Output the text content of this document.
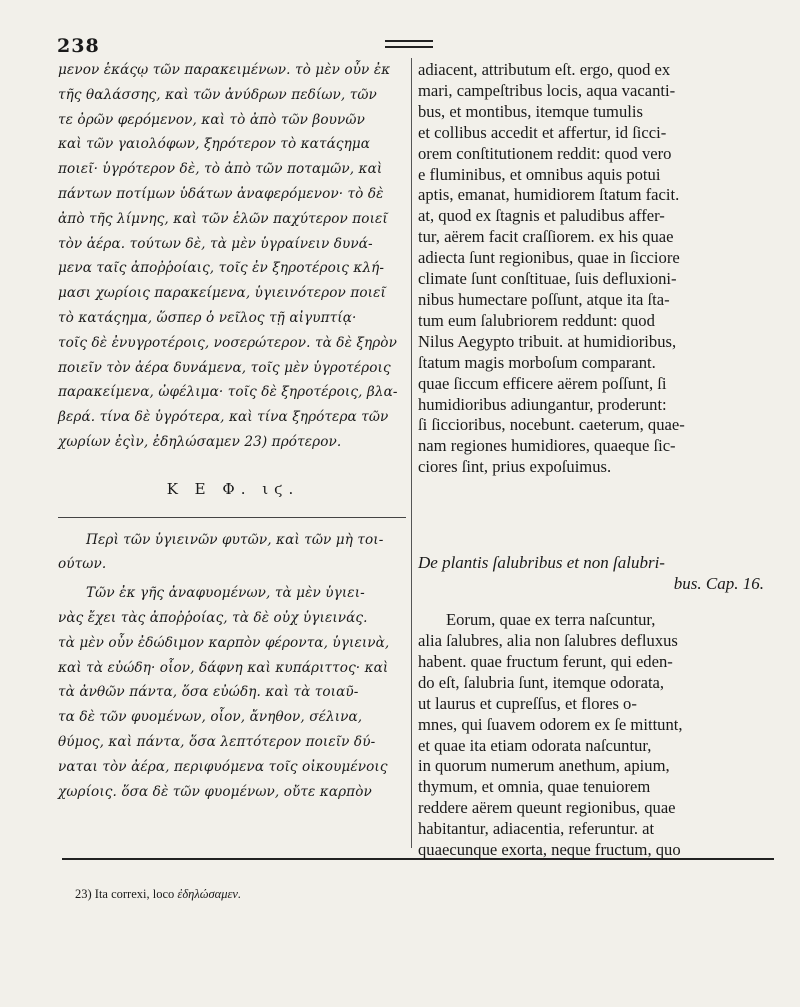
238
μενον ἑκάςῳ τῶν παρακειμένων. τὸ μὲν οὖν ἐκ
τῆς θαλάσσης, καὶ τῶν ἀνύδρων πεδίων, τῶν
τε ὀρῶν φερόμενον, καὶ τὸ ἀπὸ τῶν βουνῶν
καὶ τῶν γαιολόφων, ξηρότερον τὸ κατάςημα
ποιεῖ· ὑγρότερον δὲ, τὸ ἀπὸ τῶν ποταμῶν, καὶ
πάντων ποτίμων ὑδάτων ἀναφερόμενον· τὸ δὲ
ἀπὸ τῆς λίμνης, καὶ τῶν ἑλῶν παχύτερον ποιεῖ
τὸν ἀέρα. τούτων δὲ, τὰ μὲν ὑγραίνειν δυνά-
μενα ταῖς ἀποῤῥοίαις, τοῖς ἐν ξηροτέροις κλή-
μασι χωρίοις παρακείμενα, ὑγιεινότερον ποιεῖ
τὸ κατάςημα, ὥσπερ ὁ νεῖλος τῇ αἰγυπτίᾳ·
τοῖς δὲ ἐνυγροτέροις, νοσερώτερον. τὰ δὲ ξηρὸν
ποιεῖν τὸν ἀέρα δυνάμενα, τοῖς μὲν ὑγροτέροις
παρακείμενα, ὠφέλιμα· τοῖς δὲ ξηροτέροις, βλα-
βερά. τίνα δὲ ὑγρότερα, καὶ τίνα ξηρότερα τῶν
χωρίων ἐςὶν, ἐδηλώσαμεν 23) πρότερον.
Κ Ε Φ. ιϛ.
Περὶ τῶν ὑγιεινῶν φυτῶν, καὶ τῶν μὴ τοι-
ούτων.
Τῶν ἐκ γῆς ἀναφυομένων, τὰ μὲν ὑγιει-
νὰς ἔχει τὰς ἀποῤῥοίας, τὰ δὲ οὐχ ὑγιεινάς.
τὰ μὲν οὖν ἐδώδιμον καρπὸν φέροντα, ὑγιεινὰ,
καὶ τὰ εὐώδη· οἷον, δάφνη καὶ κυπάριττος· καὶ
τὰ ἀνθῶν πάντα, ὅσα εὐώδη. καὶ τὰ τοιαῦ-
τα δὲ τῶν φυομένων, οἷον, ἄνηθον, σέλινα,
θύμος, καὶ πάντα, ὅσα λεπτότερον ποιεῖν δύ-
ναται τὸν ἀέρα, περιφυόμενα τοῖς οἰκουμένοις
χωρίοις. ὅσα δὲ τῶν φυομένων, οὔτε καρπὸν
adiacent, attributum eſt. ergo, quod ex
mari, campeſtribus locis, aqua vacanti-
bus, et montibus, itemque tumulis
et collibus accedit et affertur, id ſicci-
orem conſtitutionem reddit: quod vero
e fluminibus, et omnibus aquis potui
aptis, emanat, humidiorem ſtatum facit.
at, quod ex ſtagnis et paludibus affer-
tur, aërem facit craſſiorem. ex his quae
adiecta ſunt regionibus, quae in ſicciore
climate ſunt conſtituae, ſuis defluxioni-
nibus humectare poſſunt, atque ita ſta-
tum eum ſalubriorem reddunt: quod
Nilus Aegypto tribuit. at humidioribus,
ſtatum magis morboſum comparant.
quae ſiccum efficere aërem poſſunt, ſi
humidioribus adiungantur, proderunt:
ſi ſiccioribus, nocebunt. caeterum, quae-
nam regiones humidiores, quaeque ſic-
ciores ſint, prius expoſuimus.
De plantis ſalubribus et non ſalubri-
bus. Cap. 16.
Eorum, quae ex terra naſcuntur,
alia ſalubres, alia non ſalubres defluxus
habent. quae fructum ferunt, qui eden-
do eſt, ſalubria ſunt, itemque odorata,
ut laurus et cupreſſus, et flores o-
mnes, qui ſuavem odorem ex ſe mittunt,
et quae ita etiam odorata naſcuntur,
in quorum numerum anethum, apium,
thymum, et omnia, quae tenuiorem
reddere aërem queunt regionibus, quae
habitantur, adiacentia, referuntur. at
quaecunque exorta, neque fructum, quo
23) Ita correxi, loco ἐδηλώσαμεν.
